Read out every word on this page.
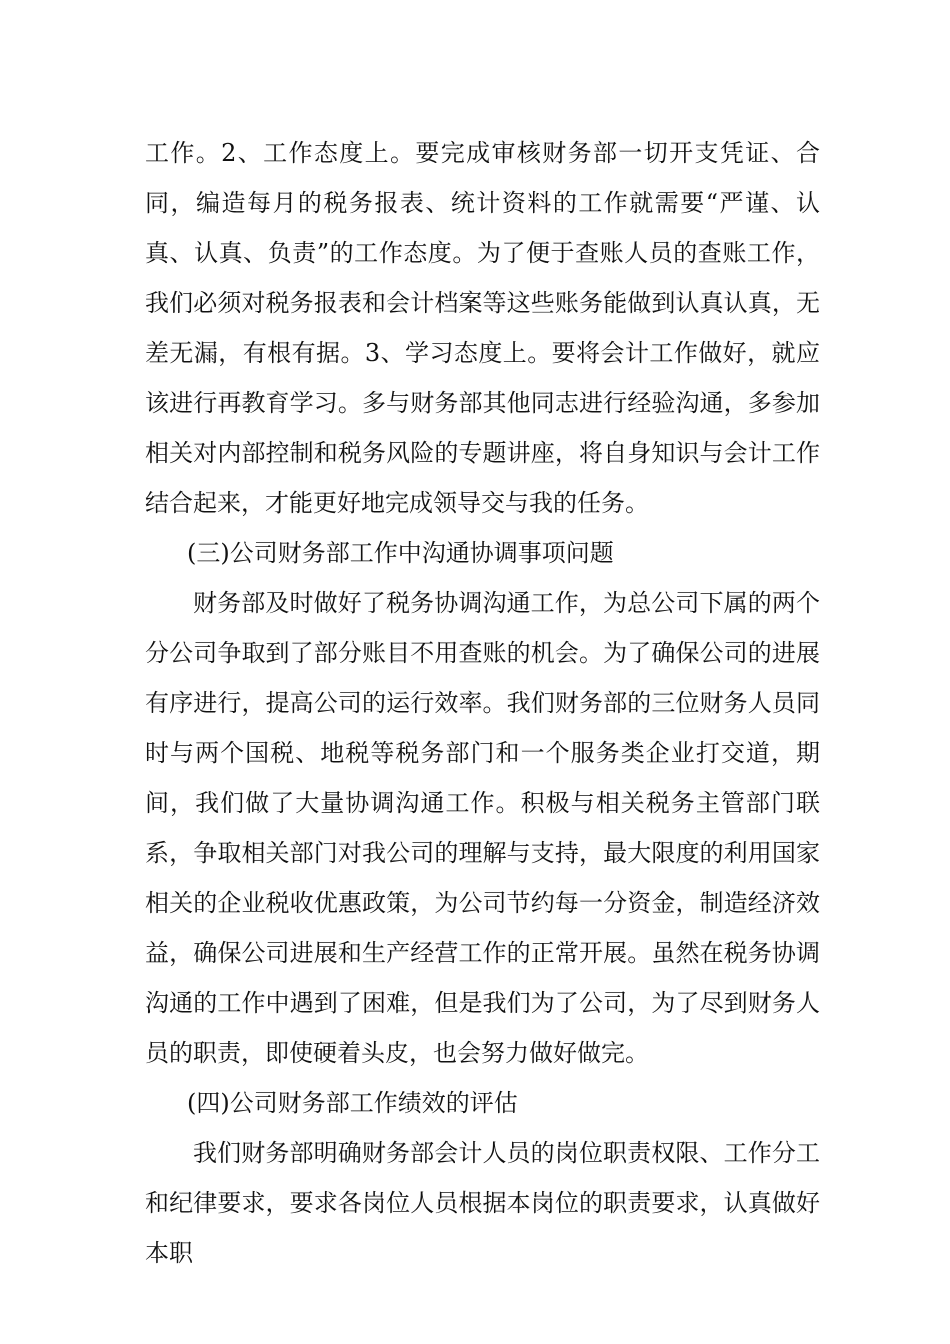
工作。2、工作态度上。要完成审核财务部一切开支凭证、合同，编造每月的税务报表、统计资料的工作就需要“严谨、认真、认真、负责”的工作态度。为了便于查账人员的查账工作，我们必须对税务报表和会计档案等这些账务能做到认真认真，无差无漏，有根有据。3、学习态度上。要将会计工作做好，就应该进行再教育学习。多与财务部其他同志进行经验沟通，多参加相关对内部控制和税务风险的专题讲座，将自身知识与会计工作结合起来，才能更好地完成领导交与我的任务。

(三)公司财务部工作中沟通协调事项问题

财务部及时做好了税务协调沟通工作，为总公司下属的两个分公司争取到了部分账目不用查账的机会。为了确保公司的进展有序进行，提高公司的运行效率。我们财务部的三位财务人员同时与两个国税、地税等税务部门和一个服务类企业打交道，期间，我们做了大量协调沟通工作。积极与相关税务主管部门联系，争取相关部门对我公司的理解与支持，最大限度的利用国家相关的企业税收优惠政策，为公司节约每一分资金，制造经济效益，确保公司进展和生产经营工作的正常开展。虽然在税务协调沟通的工作中遇到了困难，但是我们为了公司，为了尽到财务人员的职责，即使硬着头皮，也会努力做好做完。

(四)公司财务部工作绩效的评估

我们财务部明确财务部会计人员的岗位职责权限、工作分工和纪律要求，要求各岗位人员根据本岗位的职责要求，认真做好本职
